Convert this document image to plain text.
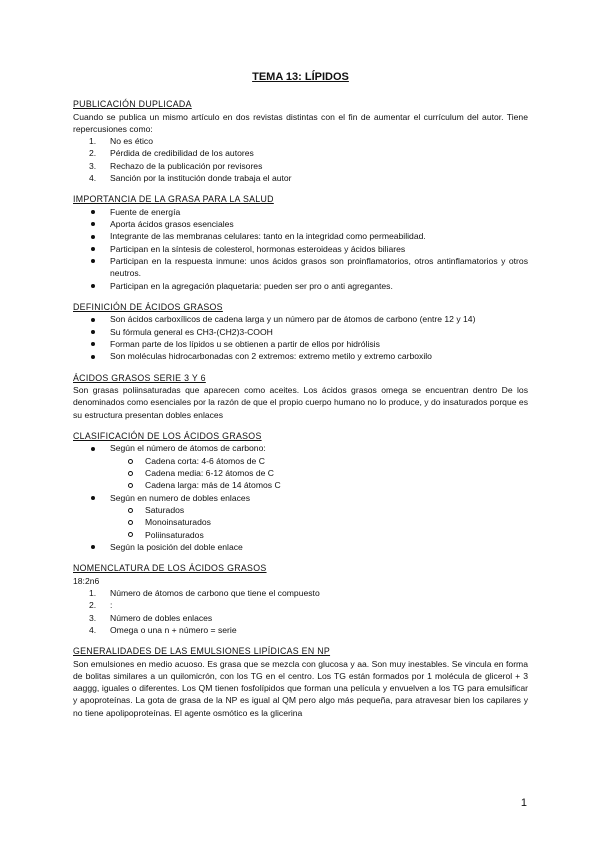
TEMA 13: LÍPIDOS
PUBLICACIÓN DUPLICADA

Cuando se publica un mismo artículo en dos revistas distintas con el fin de aumentar el currículum del autor. Tiene repercusiones como:

1. No es ético
2. Pérdida de credibilidad de los autores
3. Rechazo de la publicación por revisores
4. Sanción por la institución donde trabaja el autor
IMPORTANCIA DE LA GRASA PARA LA SALUD
Fuente de energía
Aporta ácidos grasos esenciales
Integrante de las membranas celulares: tanto en la integridad como permeabilidad.
Participan en la síntesis de colesterol, hormonas esteroideas y ácidos biliares
Participan en la respuesta inmune: unos ácidos grasos son proinflamatorios, otros antinflamatorios y otros neutros.
Participan en la agregación plaquetaria: pueden ser pro o anti agregantes.
DEFINICIÓN DE ÁCIDOS GRASOS
Son ácidos carboxílicos de cadena larga y un número par de átomos de carbono (entre 12 y 14)
Su fórmula general es CH3-(CH2)3-COOH
Forman parte de los lípidos u se obtienen a partir de ellos por hidrólisis
Son moléculas hidrocarbonadas con 2 extremos: extremo metilo y extremo carboxilo
ÁCIDOS GRASOS SERIE 3 Y 6

Son grasas poliinsaturadas que aparecen como aceites. Los ácidos grasos omega se encuentran dentro De los denominados como esenciales por la razón de que el propio cuerpo humano no lo produce, y do insaturados porque es su estructura presentan dobles enlaces

CLASIFICACIÓN DE LOS ÁCIDOS GRASOS
Según el número de átomos de carbono:
Cadena corta: 4-6 átomos de C
Cadena media: 6-12 átomos de C
Cadena larga: más de 14 átomos C
Según en numero de dobles enlaces
Saturados
Monoinsaturados
Poliinsaturados
Según la posición del doble enlace
NOMENCLATURA DE LOS ÁCIDOS GRASOS

18:2n6

1. Número de átomos de carbono que tiene el compuesto
2. :
3. Número de dobles enlaces
4. Omega o una n + número = serie
GENERALIDADES DE LAS EMULSIONES LIPÍDICAS EN NP

Son emulsiones en medio acuoso. Es grasa que se mezcla con glucosa y aa. Son muy inestables. Se vincula en forma de bolitas similares a un quilomicrón, con los TG en el centro. Los TG están formados por 1 molécula de glicerol + 3 aaggg, iguales o diferentes. Los QM tienen fosfolípidos que forman una película y envuelven a los TG para emulsificar y apoproteínas. La gota de grasa de la NP es igual al QM pero algo más pequeña, para atravesar bien los capilares y no tiene apolipoproteínas. El agente osmótico es la glicerina

1
